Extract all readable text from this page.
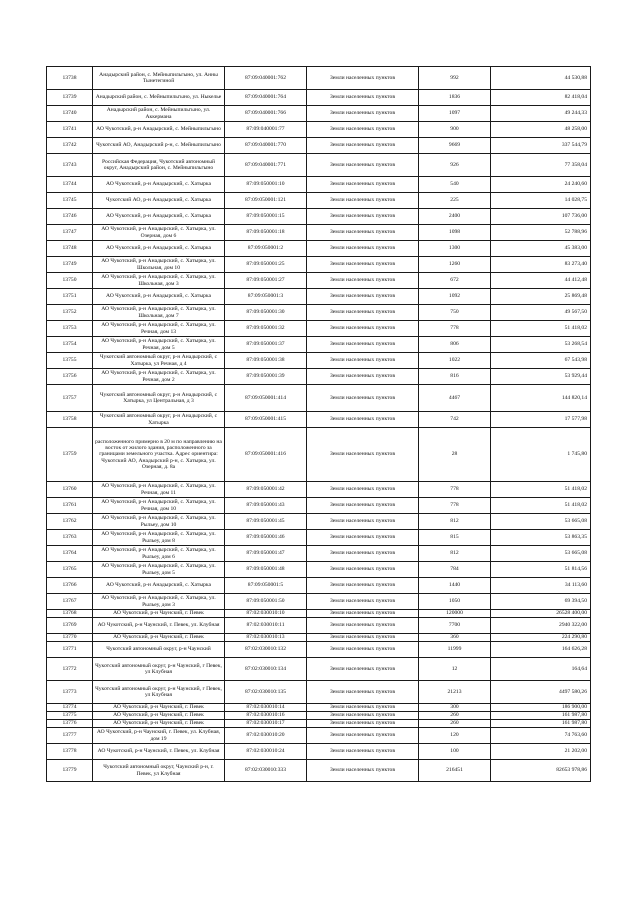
13738	Анадырский район, с. Мейныпильгыно, ул. Анны Тынетегиной	87:09:040001:762	Земли населенных пунктов	992	44 530,88
13739	Анадырский район, с. Мейныпильгыно, ул. Ныкелье	87:09:040001:764	Земли населенных пунктов	1836	82 418,04
13740	Анадырский район, с. Мейныпильгыно, ул. Аккермана	87:09:040001:766	Земли населенных пунктов	1097	49 244,33
13741	АО Чукотский, р-н Анадырский, с. Мейныпильгыно	87:09:040001:77	Земли населенных пунктов	900	48 258,00
13742	Чукотский АО, Анадырский р-н, с. Мейныпильгыно	87:09:040001:770	Земли населенных пунктов	9669	337 544,79
13743	Российская Федерация, Чукотский автономный округ, Анадырский район, с. Мейныпильгыно	87:09:040001:771	Земли населенных пунктов	926	77 358,04
13744	АО Чукотский, р-н Анадырский, с. Хатырка	87:09:050001:10	Земли населенных пунктов	540	24 240,60
13745	Чукотский АО, р-н Анадырский, с. Хатырка	87:09:050001:121	Земли населенных пунктов	225	14 028,75
13746	АО Чукотский, р-н Анадырский, с. Хатырка	87:09:050001:15	Земли населенных пунктов	2400	107 736,00
13747	АО Чукотский, р-н Анадырский, с. Хатырка, ул. Озерная, дом 6	87:09:050001:18	Земли населенных пунктов	1098	52 788,96
13748	АО Чукотский, р-н Анадырский, с. Хатырка	87:09:050001:2	Земли населенных пунктов	1300	45 383,00
13749	АО Чукотский, р-н Анадырский, с. Хатырка, ул. Школьная, дом 10	87:09:050001:25	Земли населенных пунктов	1260	83 273,40
13750	АО Чукотский, р-н Анадырский, с. Хатырка, ул. Школьная, дом 3	87:09:050001:27	Земли населенных пунктов	672	44 412,48
13751	АО Чукотский, р-н Анадырский, с. Хатырка	87:09:050001:3	Земли населенных пунктов	1092	25 869,48
13752	АО Чукотский, р-н Анадырский, с. Хатырка, ул. Школьная, дом 7	87:09:050001:30	Земли населенных пунктов	750	49 567,50
13753	АО Чукотский, р-н Анадырский, с. Хатырка, ул. Речная, дом 13	87:09:050001:32	Земли населенных пунктов	778	51 418,02
13754	АО Чукотский, р-н Анадырский, с. Хатырка, ул. Речная, дом 5	87:09:050001:37	Земли населенных пунктов	806	53 268,54
13755	Чукотский автономный округ, р-н Анадырский, с Хатырка, ул Речная, д 4	87:09:050001:38	Земли населенных пунктов	1022	67 543,98
13756	АО Чукотский, р-н Анадырский, с. Хатырка, ул. Речная, дом 2	87:09:050001:39	Земли населенных пунктов	816	53 929,44
13757	Чукотский автономный округ, р-н Анадырский, с Хатырка, ул Центральная, д 3	87:09:050001:414	Земли населенных пунктов	4467	144 820,14
13758	Чукотский автономный округ, р-н Анадырский, с Хатырка	87:09:050001:415	Земли населенных пунктов	742	17 577,98
13759	расположенного примерно в 20 м по направлению на восток от жилого здания, расположенного за границами земельного участка. Адрес ориентира: Чукотский АО, Анадырский р-н, с. Хатырка, ул. Озерная, д. 8а	87:09:050001:416	Земли населенных пунктов	28	1 745,80
13760	АО Чукотский, р-н Анадырский, с. Хатырка, ул. Речная, дом 11	87:09:050001:42	Земли населенных пунктов	778	51 418,02
13761	АО Чукотский, р-н Анадырский, с. Хатырка, ул. Речная, дом 10	87:09:050001:43	Земли населенных пунктов	778	51 418,02
13762	АО Чукотский, р-н Анадырский, с. Хатырка, ул. Рыльеу, дом 10	87:09:050001:45	Земли населенных пунктов	812	53 665,08
13763	АО Чукотский, р-н Анадырский, с. Хатырка, ул. Рыльеу, дом 8	87:09:050001:46	Земли населенных пунктов	815	53 863,35
13764	АО Чукотский, р-н Анадырский, с. Хатырка, ул. Рыльеу, дом 6	87:09:050001:47	Земли населенных пунктов	812	53 665,08
13765	АО Чукотский, р-н Анадырский, с. Хатырка, ул. Рыльеу, дом 5	87:09:050001:48	Земли населенных пунктов	784	51 814,56
13766	АО Чукотский, р-н Анадырский, с. Хатырка	87:09:050001:5	Земли населенных пунктов	1440	34 113,60
13767	АО Чукотский, р-н Анадырский, с. Хатырка, ул. Рыльеу, дом 3	87:09:050001:50	Земли населенных пунктов	1050	69 394,50
13768	АО Чукотский, р-н Чаунский, г. Певек	87:02:030010:10	Земли населенных пунктов	120000	26528 400,00
13769	АО Чукотский, р-н Чаунский, г. Певек, ул. Клубная	87:02:030010:11	Земли населенных пунктов	7700	2940 322,00
13770	АО Чукотский, р-н Чаунский, г. Певек	87:02:030010:13	Земли населенных пунктов	360	224 290,80
13771	Чукотский автономный округ, р-н Чаунский	87:02:030010:132	Земли населенных пунктов	11999	164 626,28
13772	Чукотский автономный округ, р-н Чаунский, г Певек, ул Клубная	87:02:030010:134	Земли населенных пунктов	12	164,64
13773	Чукотский автономный округ, р-н Чаунский, г Певек, ул Клубная	87:02:030010:135	Земли населенных пунктов	21213	4497 580,26
13774	АО Чукотский, р-н Чаунский, г. Певек	87:02:030010:14	Земли населенных пунктов	300	186 900,00
13775	АО Чукотский, р-н Чаунский, г. Певек	87:02:030010:16	Земли населенных пунктов	260	161 987,80
13776	АО Чукотский, р-н Чаунский, г. Певек	87:02:030010:17	Земли населенных пунктов	260	161 987,80
13777	АО Чукотский, р-н Чаунский, г. Певек, ул. Клубная, дом 19	87:02:030010:20	Земли населенных пунктов	120	74 763,60
13778	АО Чукотский, р-н Чаунский, г. Певек, ул. Клубная	87:02:030010:24	Земли населенных пунктов	100	21 202,00
13779	Чукотский автономный округ, Чаунский р-н, г. Певек, ул Клубная	87:02:030010:333	Земли населенных пунктов	216451	82653 978,86
